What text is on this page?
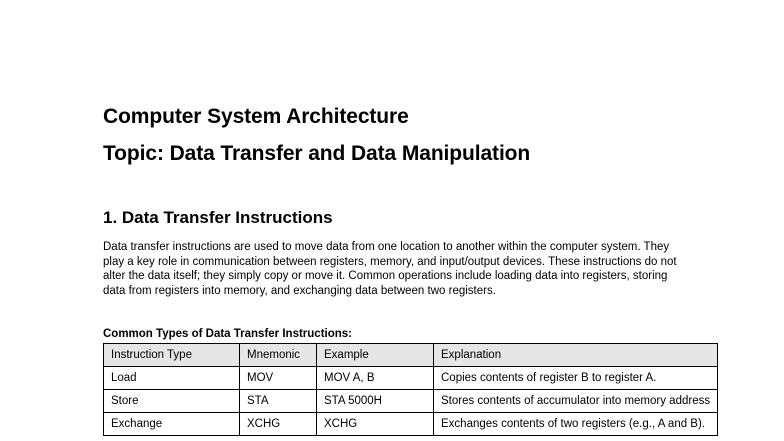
Computer System Architecture
Topic: Data Transfer and Data Manipulation
1. Data Transfer Instructions

Data transfer instructions are used to move data from one location to another within the computer system. They play a key role in communication between registers, memory, and input/output devices. These instructions do not alter the data itself; they simply copy or move it. Common operations include loading data into registers, storing data from registers into memory, and exchanging data between two registers.

Common Types of Data Transfer Instructions:

Instruction Type	Mnemonic	Example	Explanation
Load	MOV	MOV A, B	Copies contents of register B to register A.
Store	STA	STA 5000H	Stores contents of accumulator into memory address
Exchange	XCHG	XCHG	Exchanges contents of two registers (e.g., A and B).
